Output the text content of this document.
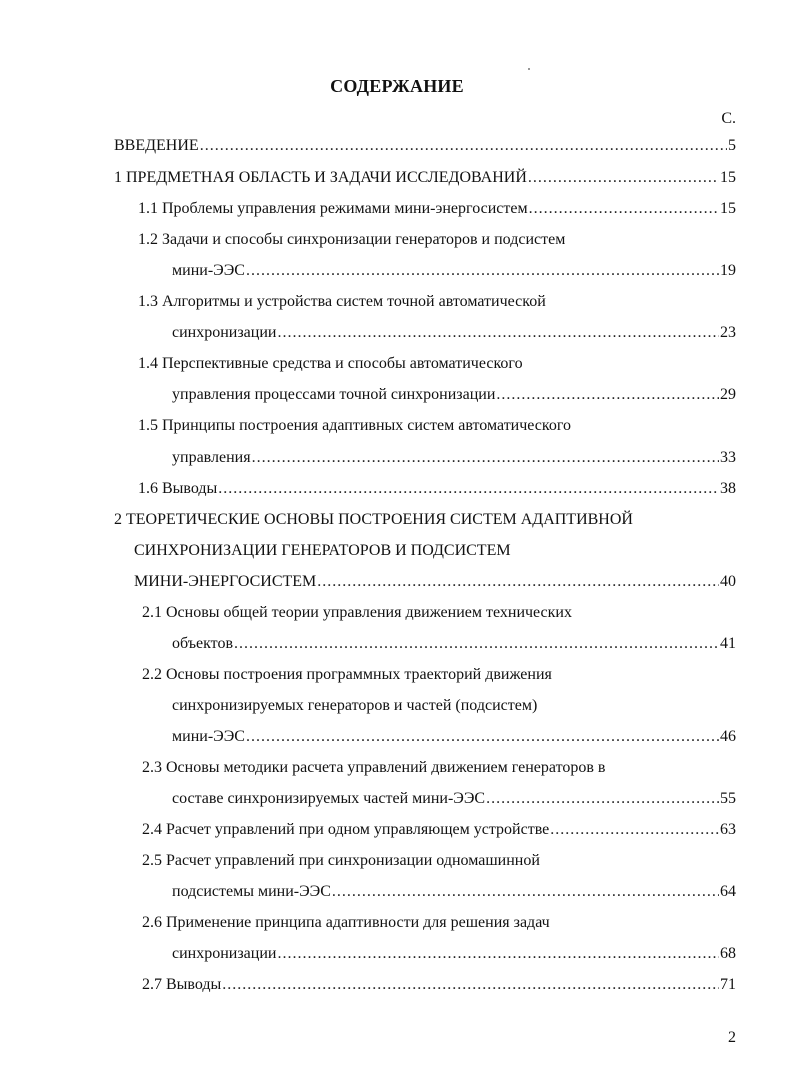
СОДЕРЖАНИЕ
С.
ВВЕДЕНИЕ .....	5
1 ПРЕДМЕТНАЯ ОБЛАСТЬ И ЗАДАЧИ ИССЛЕДОВАНИЙ .....	15
1.1 Проблемы управления режимами мини-энергосистем .....	15
1.2 Задачи и способы синхронизации генераторов и подсистем
мини-ЭЭС .....	19
1.3 Алгоритмы и устройства систем точной автоматической
синхронизации .....	23
1.4 Перспективные средства и способы автоматического
управления процессами точной синхронизации .....	29
1.5 Принципы построения адаптивных систем автоматического
управления .....	33
1.6 Выводы .....	38
2 ТЕОРЕТИЧЕСКИЕ ОСНОВЫ ПОСТРОЕНИЯ СИСТЕМ АДАПТИВНОЙ
СИНХРОНИЗАЦИИ ГЕНЕРАТОРОВ И ПОДСИСТЕМ
МИНИ-ЭНЕРГОСИСТЕМ .....	40
2.1 Основы общей теории управления движением технических
объектов .....	41
2.2 Основы построения программных траекторий движения
синхронизируемых генераторов и частей (подсистем)
мини-ЭЭС .....	46
2.3 Основы методики расчета управлений движением генераторов в
составе синхронизируемых частей мини-ЭЭС .....	55
2.4 Расчет управлений при одном управляющем устройстве .....	63
2.5 Расчет управлений при синхронизации одномашинной
подсистемы мини-ЭЭС .....	64
2.6 Применение принципа адаптивности для решения задач
синхронизации .....	68
2.7 Выводы .....	71
2
